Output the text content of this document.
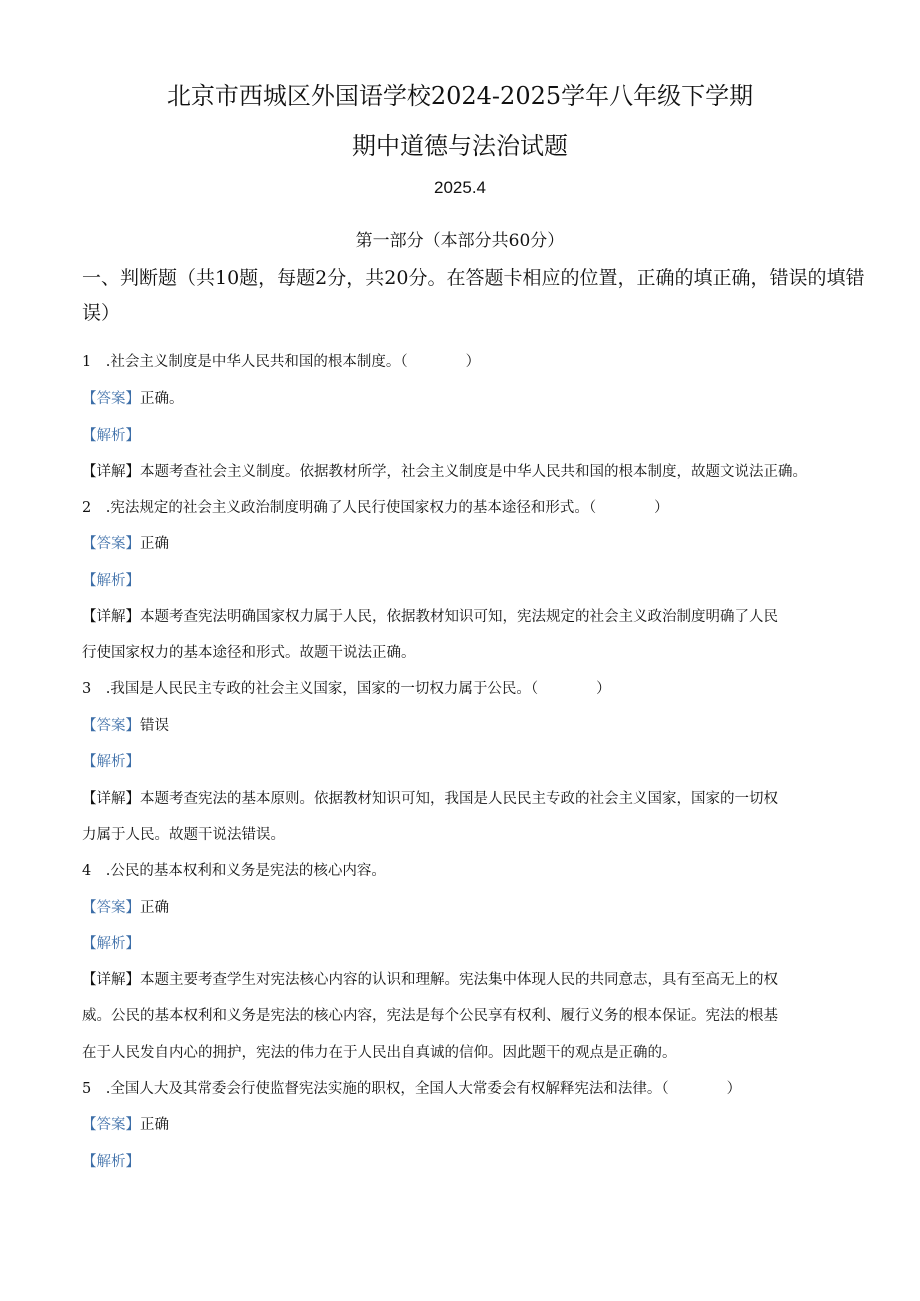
北京市西城区外国语学校2024-2025学年八年级下学期
期中道德与法治试题
2025.4
第一部分（本部分共60分）
一、判断题（共10题，每题2分，共20分。在答题卡相应的位置，正确的填正确，错误的填错
误）
1　.社会主义制度是中华人民共和国的根本制度。（　　　　）
【答案】正确。
【解析】
【详解】本题考查社会主义制度。依据教材所学，社会主义制度是中华人民共和国的根本制度，故题文说法正确。
2　.宪法规定的社会主义政治制度明确了人民行使国家权力的基本途径和形式。（　　　　）
【答案】正确
【解析】
【详解】本题考查宪法明确国家权力属于人民，依据教材知识可知，宪法规定的社会主义政治制度明确了人民
行使国家权力的基本途径和形式。故题干说法正确。
3　.我国是人民民主专政的社会主义国家，国家的一切权力属于公民。（　　　　）
【答案】错误
【解析】
【详解】本题考查宪法的基本原则。依据教材知识可知，我国是人民民主专政的社会主义国家，国家的一切权
力属于人民。故题干说法错误。
4　.公民的基本权利和义务是宪法的核心内容。
【答案】正确
【解析】
【详解】本题主要考查学生对宪法核心内容的认识和理解。宪法集中体现人民的共同意志，具有至高无上的权
威。公民的基本权利和义务是宪法的核心内容，宪法是每个公民享有权利、履行义务的根本保证。宪法的根基
在于人民发自内心的拥护，宪法的伟力在于人民出自真诚的信仰。因此题干的观点是正确的。
5　.全国人大及其常委会行使监督宪法实施的职权，全国人大常委会有权解释宪法和法律。（　　　　）
【答案】正确
【解析】
